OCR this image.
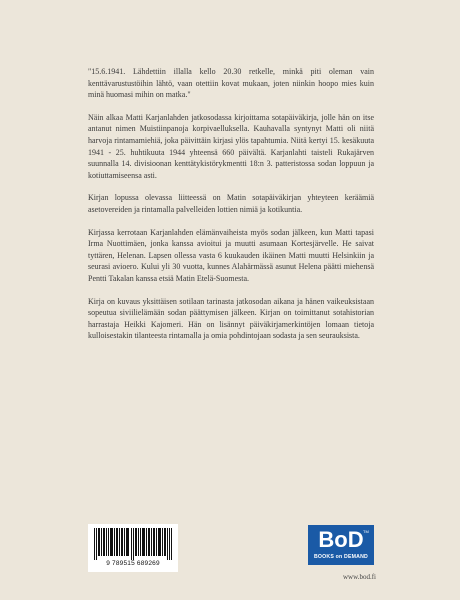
"15.6.1941. Lähdettiin illalla kello 20.30 retkelle, minkä piti oleman vain kenttävarustustöihin lähtö, vaan otettiin kovat mukaan, joten niinkin hoopo mies kuin minä huomasi mihin on matka."

Näin alkaa Matti Karjanlahden jatkosodassa kirjoittama sotapäiväkirja, jolle hän on itse antanut nimen Muistiinpanoja korpivaelluksella. Kauhavalla syntynyt Matti oli niitä harvoja rintamamiehiä, joka päivittäin kirjasi ylös tapahtumia. Niitä kertyi 15. kesäkuuta 1941 - 25. huhtikuuta 1944 yhteensä 660 päivältä. Karjanlahti taisteli Rukajärven suunnalla 14. divisioonan kenttätykistörykmentti 18:n 3. patteristossa sodan loppuun ja kotiuttamiseensa asti.

Kirjan lopussa olevassa liitteessä on Matin sotapäiväkirjan yhteyteen keräämiä asetovereiden ja rintamalla palvelleiden lottien nimiä ja kotikuntia.

Kirjassa kerrotaan Karjanlahden elämänvaiheista myös sodan jälkeen, kun Matti tapasi Irma Nuottimäen, jonka kanssa avioitui ja muutti asumaan Kortesjärvelle. He saivat tyttären, Helenan. Lapsen ollessa vasta 6 kuukauden ikäinen Matti muutti Helsinkiin ja seurasi avioero. Kului yli 30 vuotta, kunnes Alahärmässä asunut Helena päätti miehensä Pentti Takalan kanssa etsiä Matin Etelä-Suomesta.

Kirja on kuvaus yksittäisen sotilaan tarinasta jatkosodan aikana ja hänen vaikeuksistaan sopeutua siviilielämään sodan päättymisen jälkeen. Kirjan on toimittanut sotahistorian harrastaja Heikki Kajomeri. Hän on lisännyt päiväkirjamerkintöjen lomaan tietoja kulloisestakin tilanteesta rintamalla ja omia pohdintojaan sodasta ja sen seurauksista.

9 789515 689269
BoD TM
BOOKS on DEMAND
www.bod.fi
